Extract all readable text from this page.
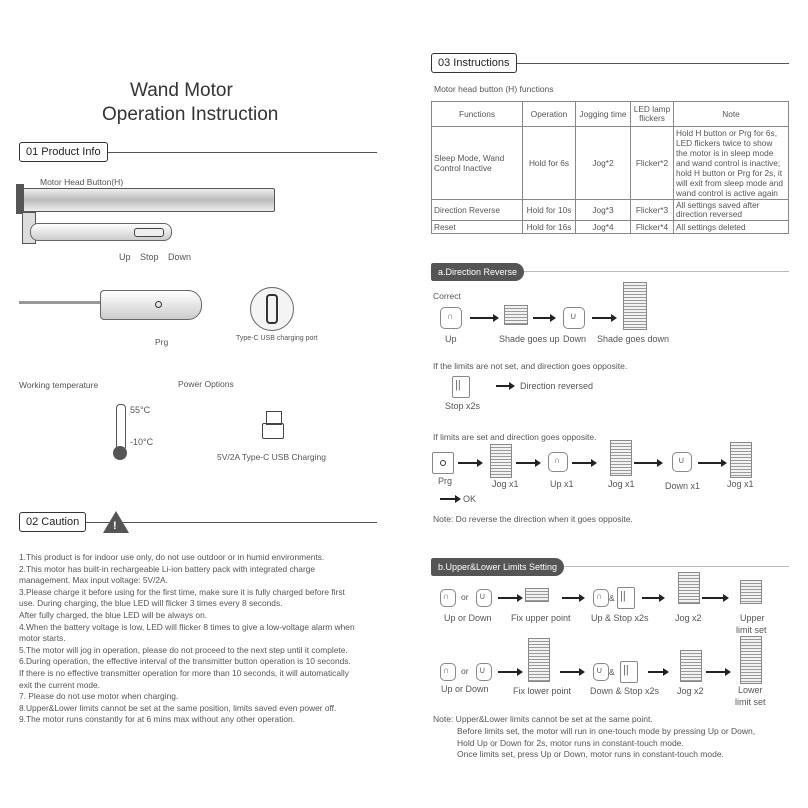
Wand Motor
Operation Instruction
01 Product Info
Motor Head Button(H)
Up Stop Down
Prg	Type-C USB charging port
Working temperature	Power Options
55°C
-10°C
5V/2A Type-C USB Charging
02 Caution	!
1.This product is for indoor use only, do not use outdoor or in humid environments.
2.This motor has built-in rechargeable Li-ion battery pack with integrated charge
management. Max input voltage: 5V/2A.
3.Please charge it before using for the first time, make sure it is fully charged before first
use. During charging, the blue LED will flicker 3 times every 8 seconds.
After fully charged, the blue LED will be always on.
4.When the battery voltage is low, LED will flicker 8 times to give a low-voltage alarm when
motor starts.
5.The motor will jog in operation, please do not proceed to the next step until it complete.
6.During operation, the effective interval of the transmitter button operation is 10 seconds.
If there is no effective transmitter operation for more than 10 seconds, it will automatically
exit the current mode.
7. Please do not use motor when charging.
8.Upper&Lower limits cannot be set at the same position, limits saved even power off.
9.The motor runs constantly for at 6 mins max without any other operation.
03 Instructions
Motor head button (H) functions
Functions	Operation	Jogging time	LED lamp flickers	Note
Sleep Mode, Wand Control Inactive	Hold for 6s	Jog*2	Flicker*2	Hold H button or Prg for 6s, LED flickers twice to show the motor is in sleep mode and wand control is inactive; hold H button or Prg for 2s, it will exit from sleep mode and wand control is active again
Direction Reverse	Hold for 10s	Jog*3	Flicker*3	All settings saved after direction reversed
Reset	Hold for 16s	Jog*4	Flicker*4	All settings deleted
a.Direction Reverse
Correct
∩
Up	Shade goes up
∪
Down Shade goes down
If the limits are not set, and direction goes opposite.
||	Direction reversed
Stop x2s
If limits are set and direction goes opposite.
Prg	Jog x1
∩
Up x1	Jog x1
∪
Down x1	Jog x1
OK
Note: Do reverse the direction when it goes opposite.
b.Upper&Lower Limits Setting
∩ or ∪
Up or Down Fix upper point
∩ & ||
Up & Stop x2s	Jog x2	Upper
limit set
∩ or ∪
Up or Down	Fix lower point
∪ & ||
Down & Stop x2s Jog x2	Lower
limit set
Note: Upper&Lower limits cannot be set at the same point.
Before limits set, the motor will run in one-touch mode by pressing Up or Down,
Hold Up or Down for 2s, motor runs in constant-touch mode.
Once limits set, press Up or Down, motor runs in constant-touch mode.
